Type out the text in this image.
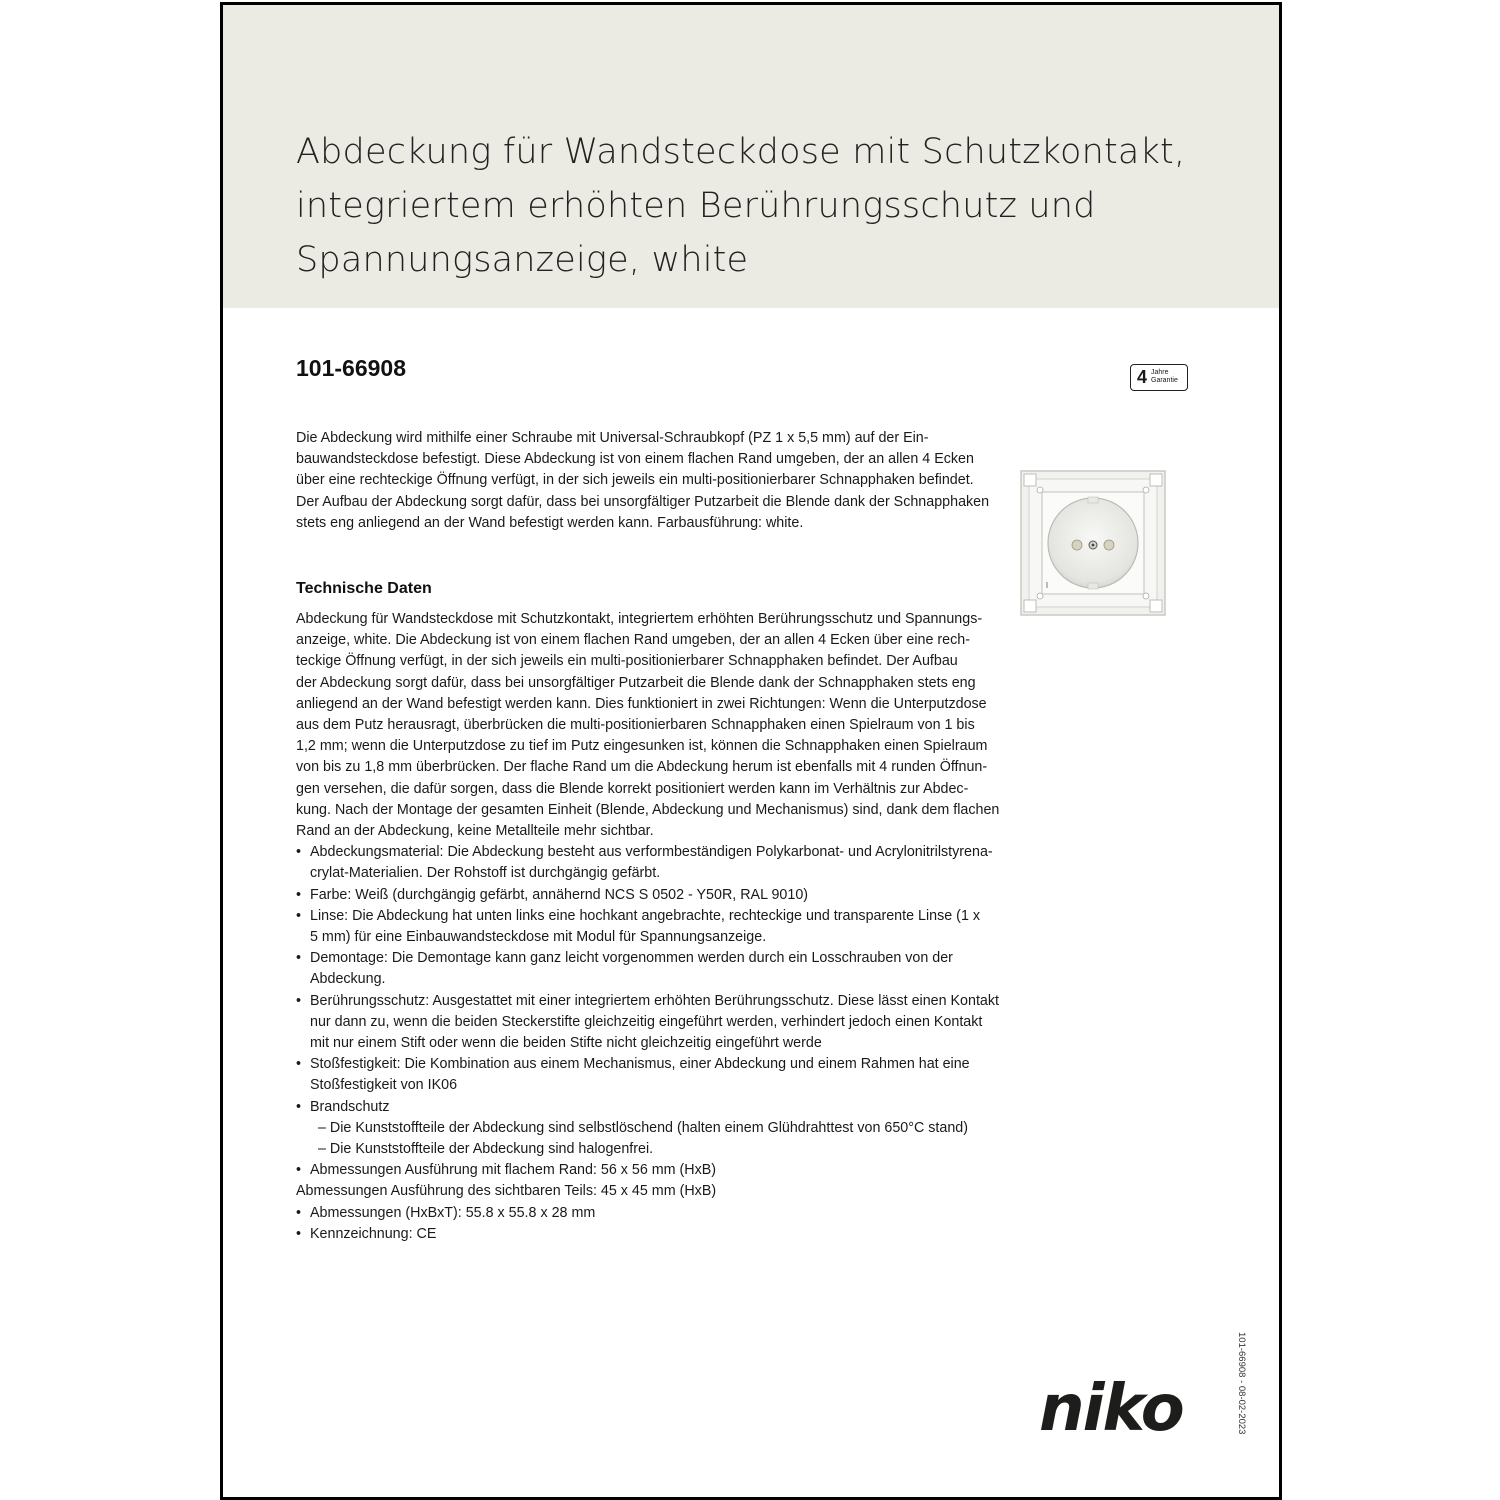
Abdeckung für Wandsteckdose mit Schutzkontakt,
integriertem erhöhten Berührungsschutz und
Spannungsanzeige, white
101-66908	4 Jahre
Garantie
Die Abdeckung wird mithilfe einer Schraube mit Universal-Schraubkopf (PZ 1 x 5,5 mm) auf der Ein-
bauwandsteckdose befestigt. Diese Abdeckung ist von einem flachen Rand umgeben, der an allen 4 Ecken
über eine rechteckige Öffnung verfügt, in der sich jeweils ein multi-positionierbarer Schnapphaken befindet.
Der Aufbau der Abdeckung sorgt dafür, dass bei unsorgfältiger Putzarbeit die Blende dank der Schnapphaken
stets eng anliegend an der Wand befestigt werden kann. Farbausführung: white.
Technische Daten
Abdeckung für Wandsteckdose mit Schutzkontakt, integriertem erhöhten Berührungsschutz und Spannungs-
anzeige, white. Die Abdeckung ist von einem flachen Rand umgeben, der an allen 4 Ecken über eine rech-
teckige Öffnung verfügt, in der sich jeweils ein multi-positionierbarer Schnapphaken befindet. Der Aufbau
der Abdeckung sorgt dafür, dass bei unsorgfältiger Putzarbeit die Blende dank der Schnapphaken stets eng
anliegend an der Wand befestigt werden kann. Dies funktioniert in zwei Richtungen: Wenn die Unterputzdose
aus dem Putz herausragt, überbrücken die multi-positionierbaren Schnapphaken einen Spielraum von 1 bis
1,2 mm; wenn die Unterputzdose zu tief im Putz eingesunken ist, können die Schnapphaken einen Spielraum
von bis zu 1,8 mm überbrücken. Der flache Rand um die Abdeckung herum ist ebenfalls mit 4 runden Öffnun-
gen versehen, die dafür sorgen, dass die Blende korrekt positioniert werden kann im Verhältnis zur Abdec-
kung. Nach der Montage der gesamten Einheit (Blende, Abdeckung und Mechanismus) sind, dank dem flachen
Rand an der Abdeckung, keine Metallteile mehr sichtbar.
• Abdeckungsmaterial: Die Abdeckung besteht aus verformbeständigen Polykarbonat- und Acrylonitrilstyrena-
crylat-Materialien. Der Rohstoff ist durchgängig gefärbt.
• Farbe: Weiß (durchgängig gefärbt, annähernd NCS S 0502 - Y50R, RAL 9010)
• Linse: Die Abdeckung hat unten links eine hochkant angebrachte, rechteckige und transparente Linse (1 x
5 mm) für eine Einbauwandsteckdose mit Modul für Spannungsanzeige.
• Demontage: Die Demontage kann ganz leicht vorgenommen werden durch ein Losschrauben von der
Abdeckung.
• Berührungsschutz: Ausgestattet mit einer integriertem erhöhten Berührungsschutz. Diese lässt einen Kontakt
nur dann zu, wenn die beiden Steckerstifte gleichzeitig eingeführt werden, verhindert jedoch einen Kontakt
mit nur einem Stift oder wenn die beiden Stifte nicht gleichzeitig eingeführt werde
• Stoßfestigkeit: Die Kombination aus einem Mechanismus, einer Abdeckung und einem Rahmen hat eine
Stoßfestigkeit von IK06
• Brandschutz
– Die Kunststoffteile der Abdeckung sind selbstlöschend (halten einem Glühdrahttest von 650°C stand)
– Die Kunststoffteile der Abdeckung sind halogenfrei.
• Abmessungen Ausführung mit flachem Rand: 56 x 56 mm (HxB)
Abmessungen Ausführung des sichtbaren Teils: 45 x 45 mm (HxB)
• Abmessungen (HxBxT): 55.8 x 55.8 x 28 mm
• Kennzeichnung: CE
niko	101-66908 - 08-02-2023
